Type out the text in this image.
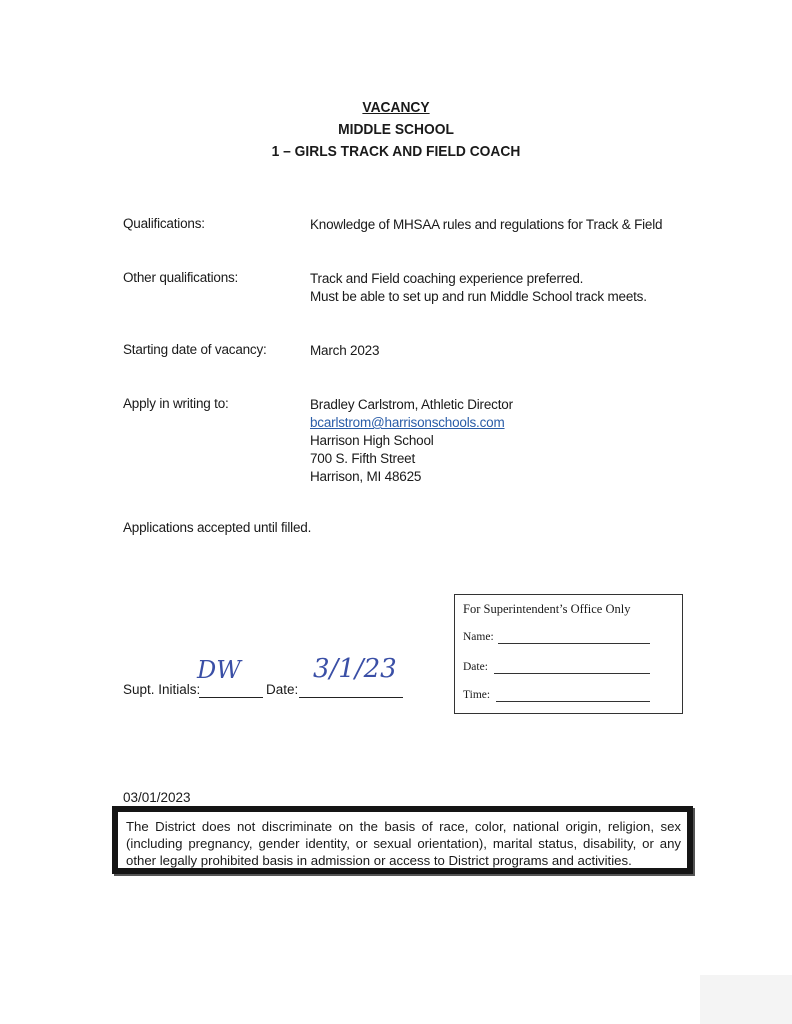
VACANCY
MIDDLE SCHOOL
1 – GIRLS TRACK AND FIELD COACH
Qualifications:	Knowledge of MHSAA rules and regulations for Track & Field
Other qualifications:	Track and Field coaching experience preferred.
Must be able to set up and run Middle School track meets.
Starting date of vacancy:	March 2023
Apply in writing to:	Bradley Carlstrom, Athletic Director
bcarlstrom@harrisonschools.com
Harrison High School
700 S. Fifth Street
Harrison, MI 48625
Applications accepted until filled.
Supt. Initials:
DW
Date:
3/1/23
For Superintendent’s Office Only
Name:
Date:
Time:
03/01/2023
The District does not discriminate on the basis of race, color, national origin, religion, sex (including pregnancy, gender identity, or sexual orientation), marital status, disability, or any other legally prohibited basis in admission or access to District programs and activities.
